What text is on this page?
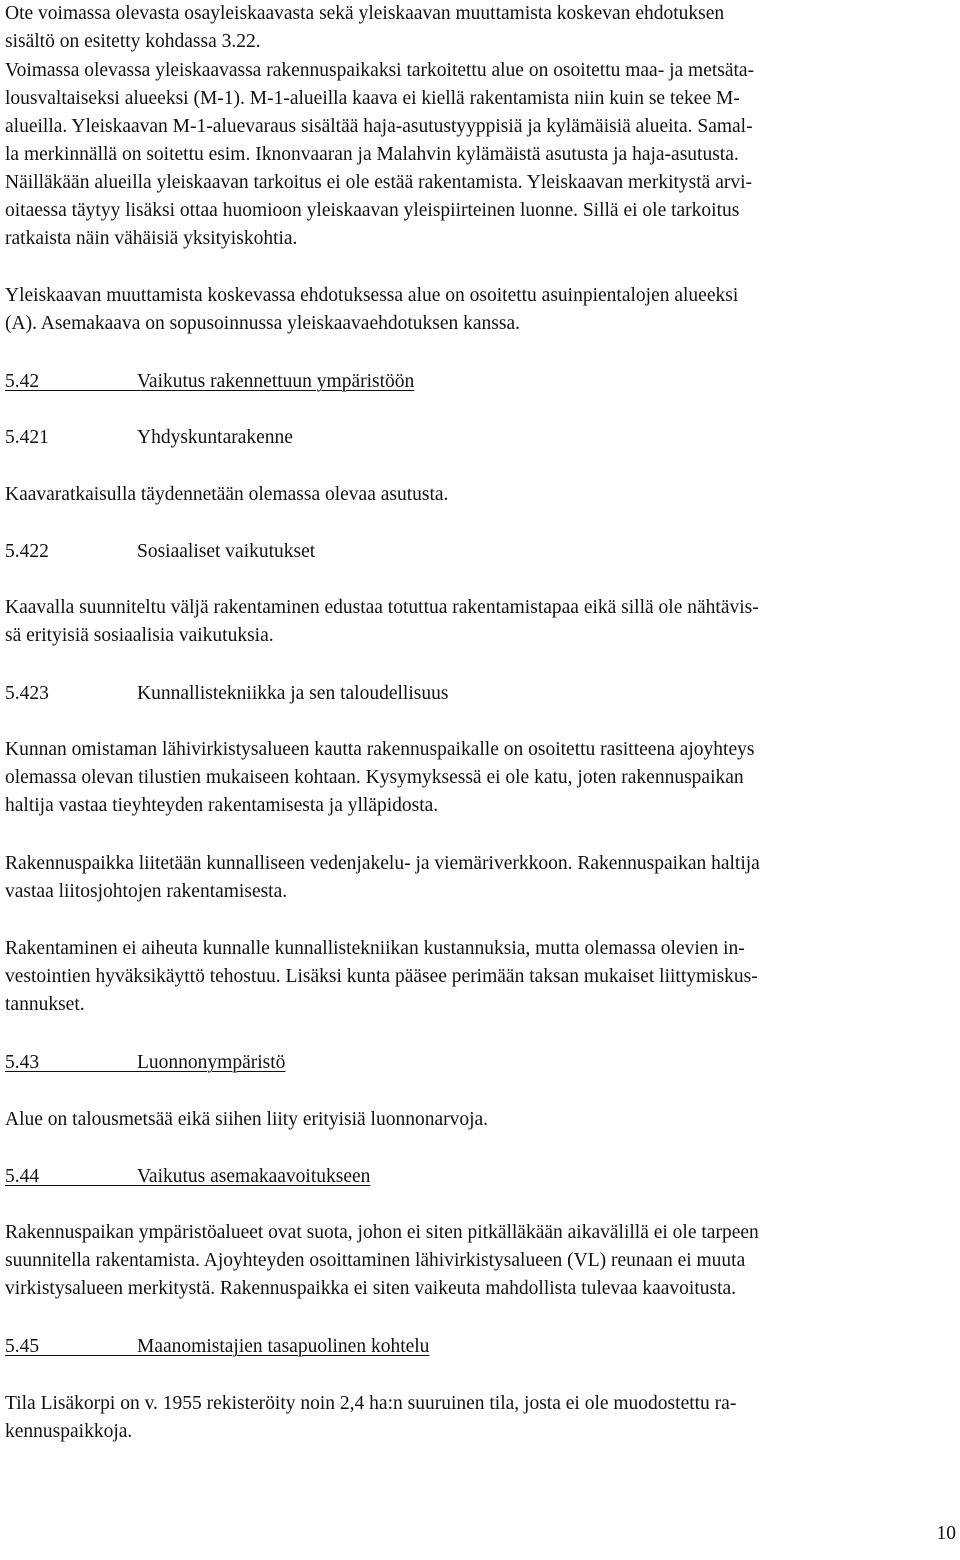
Ote voimassa olevasta osayleiskaavasta sekä yleiskaavan muuttamista koskevan ehdotuksen
sisältö on esitetty kohdassa 3.22.
Voimassa olevassa yleiskaavassa rakennuspaikaksi tarkoitettu alue on osoitettu maa- ja metsäta-
lousvaltaiseksi alueeksi (M-1). M-1-alueilla kaava ei kiellä rakentamista niin kuin se tekee M-
alueilla. Yleiskaavan M-1-aluevaraus sisältää haja-asutustyyppisiä ja kylämäisiä alueita. Samal-
la merkinnällä on soitettu esim. Iknonvaaran ja Malahvin kylämäistä asutusta ja haja-asutusta.
Näilläkään alueilla yleiskaavan tarkoitus ei ole estää rakentamista. Yleiskaavan merkitystä arvi-
oitaessa täytyy lisäksi ottaa huomioon yleiskaavan yleispiirteinen luonne. Sillä ei ole tarkoitus
ratkaista näin vähäisiä yksityiskohtia.
Yleiskaavan muuttamista koskevassa ehdotuksessa alue on osoitettu asuinpientalojen alueeksi
(A). Asemakaava on sopusoinnussa yleiskaavaehdotuksen kanssa.
5.42	Vaikutus rakennettuun ympäristöön
5.421	Yhdyskuntarakenne
Kaavaratkaisulla täydennetään olemassa olevaa asutusta.
5.422	Sosiaaliset vaikutukset
Kaavalla suunniteltu väljä rakentaminen edustaa totuttua rakentamistapaa eikä sillä ole nähtävis-
sä erityisiä sosiaalisia vaikutuksia.
5.423	Kunnallistekniikka ja sen taloudellisuus
Kunnan omistaman lähivirkistysalueen kautta rakennuspaikalle on osoitettu rasitteena ajoyhteys
olemassa olevan tilustien mukaiseen kohtaan. Kysymyksessä ei ole katu, joten rakennuspaikan
haltija vastaa tieyhteyden rakentamisesta ja ylläpidosta.
Rakennuspaikka liitetään kunnalliseen vedenjakelu- ja viemäriverkkoon. Rakennuspaikan haltija
vastaa liitosjohtojen rakentamisesta.
Rakentaminen ei aiheuta kunnalle kunnallistekniikan kustannuksia, mutta olemassa olevien in-
vestointien hyväksikäyttö tehostuu. Lisäksi kunta pääsee perimään taksan mukaiset liittymiskus-
tannukset.
5.43	Luonnonympäristö
Alue on talousmetsää eikä siihen liity erityisiä luonnonarvoja.
5.44	Vaikutus asemakaavoitukseen
Rakennuspaikan ympäristöalueet ovat suota, johon ei siten pitkälläkään aikavälillä ei ole tarpeen
suunnitella rakentamista. Ajoyhteyden osoittaminen lähivirkistysalueen (VL) reunaan ei muuta
virkistysalueen merkitystä. Rakennuspaikka ei siten vaikeuta mahdollista tulevaa kaavoitusta.
5.45	Maanomistajien tasapuolinen kohtelu
Tila Lisäkorpi on v. 1955 rekisteröity noin 2,4 ha:n suuruinen tila, josta ei ole muodostettu ra-
kennuspaikkoja.
10
